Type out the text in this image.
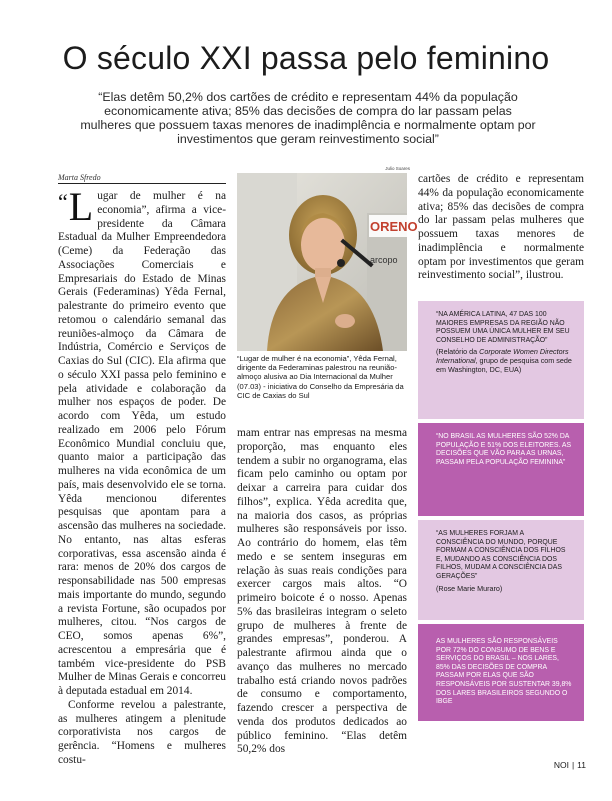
O século XXI passa pelo feminino

“Elas detêm 50,2% dos cartões de crédito e representam 44% da população economicamente ativa; 85% das decisões de compra do lar passam pelas mulheres que possuem taxas menores de inadimplência e normalmente optam por investimentos que geram reinvestimento social”

Marta Sfredo

“ L ugar de mulher é na economia”, afirma a vice-presidente da Câmara Estadual da Mulher Empreendedora (Ceme) da Federação das Associações Comerciais e Empresariais do Estado de Minas Gerais (Federaminas) Yêda Fernal, palestrante do primeiro evento que retomou o calendário semanal das reuniões-almoço da Câmara de Indústria, Comércio e Serviços de Caxias do Sul (CIC). Ela afirma que o século XXI passa pelo feminino e pela atividade e colaboração da mulher nos espaços de poder. De acordo com Yêda, um estudo realizado em 2006 pelo Fórum Econômico Mundial concluiu que, quanto maior a participação das mulheres na vida econômica de um país, mais desenvolvido ele se torna. Yêda mencionou diferentes pesquisas que apontam para a ascensão das mulheres na sociedade. No entanto, nas altas esferas corporativas, essa ascensão ainda é rara: menos de 20% dos cargos de responsabilidade nas 500 empresas mais importante do mundo, segundo a revista Fortune, são ocupados por mulheres, citou. “Nos cargos de CEO, somos apenas 6%”, acrescentou a empresária que é também vice-presidente do PSB Mulher de Minas Gerais e concorreu à deputada estadual em 2014.

Conforme revelou a palestrante, as mulheres atingem a plenitude corporativista nos cargos de gerência. “Homens e mulheres costu-

Julio Soares
ORENO
arcopo
“Lugar de mulher é na economia”, Yêda Fernal, dirigente da Federaminas palestrou na reunião-almoço alusiva ao Dia Internacional da Mulher (07.03) - iniciativa do Conselho da Empresária da CIC de Caxias do Sul

mam entrar nas empresas na mesma proporção, mas enquanto eles tendem a subir no organograma, elas ficam pelo caminho ou optam por deixar a carreira para cuidar dos filhos”, explica. Yêda acredita que, na maioria dos casos, as próprias mulheres são responsáveis por isso. Ao contrário do homem, elas têm medo e se sentem inseguras em relação às suas reais condições para exercer cargos mais altos. “O primeiro boicote é o nosso. Apenas 5% das brasileiras integram o seleto grupo de mulheres à frente de grandes empresas”, ponderou. A palestrante afirmou ainda que o avanço das mulheres no mercado trabalho está criando novos padrões de consumo e comportamento, fazendo crescer a perspectiva de venda dos produtos dedicados ao público feminino. “Elas detêm 50,2% dos

cartões de crédito e representam 44% da população economicamente ativa; 85% das decisões de compra do lar passam pelas mulheres que possuem taxas menores de inadimplência e normalmente optam por investimentos que geram reinvestimento social”, ilustrou.

“NA AMÉRICA LATINA, 47 DAS 100 MAIORES EMPRESAS DA REGIÃO NÃO POSSUEM UMA ÚNICA MULHER EM SEU CONSELHO DE ADMINISTRAÇÃO”

(Relatório da Corporate Women Directors International, grupo de pesquisa com sede em Washington, DC, EUA)

“NO BRASIL AS MULHERES SÃO 52% DA POPULAÇÃO E 51% DOS ELEITORES. AS DECISÕES QUE VÃO PARA AS URNAS, PASSAM PELA POPULAÇÃO FEMININA”

“AS MULHERES FORJAM A CONSCIÊNCIA DO MUNDO, PORQUE FORMAM A CONSCIÊNCIA DOS FILHOS E, MUDANDO AS CONSCIÊNCIA DOS FILHOS, MUDAM A CONSCIÊNCIA DAS GERAÇÕES”

(Rose Marie Muraro)

AS MULHERES SÃO RESPONSÁVEIS POR 72% DO CONSUMO DE BENS E SERVIÇOS DO BRASIL – NOS LARES, 85% DAS DECISÕES DE COMPRA PASSAM POR ELAS QUE SÃO RESPONSÁVEIS POR SUSTENTAR 39,8% DOS LARES BRASILEIROS SEGUNDO O IBGE

NOI | 11
